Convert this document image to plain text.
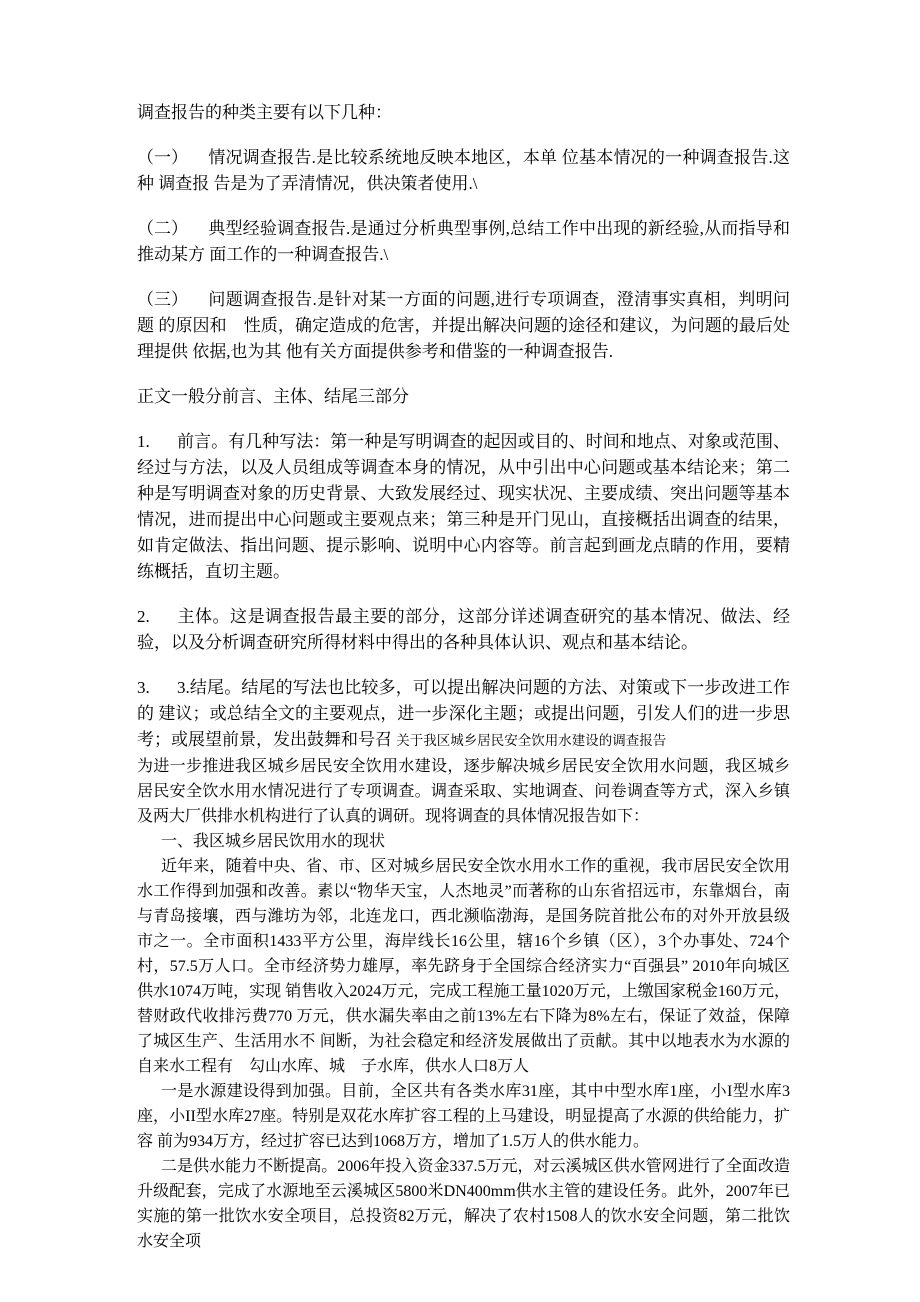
调查报告的种类主要有以下几种：

（一） 情况调查报告.是比较系统地反映本地区，本单 位基本情况的一种调查报告.这种 调查报 告是为了弄清情况，供决策者使用.\

（二） 典型经验调查报告.是通过分析典型事例,总结工作中出现的新经验,从而指导和 推动某方 面工作的一种调查报告.\

（三） 问题调查报告.是针对某一方面的问题,进行专项调查，澄清事实真相，判明问题 的原因和　性质，确定造成的危害，并提出解决问题的途径和建议，为问题的最后处理提供 依据,也为其 他有关方面提供参考和借鉴的一种调查报告.

正文一般分前言、主体、结尾三部分

1. 前言。有几种写法：第一种是写明调查的起因或目的、时间和地点、对象或范围、经过与方法，以及人员组成等调查本身的情况，从中引出中心问题或基本结论来；第二种是写明调查对象的历史背景、大致发展经过、现实状况、主要成绩、突出问题等基本情况，进而提出中心问题或主要观点来；第三种是开门见山，直接概括出调查的结果，如肯定做法、指出问题、提示影响、说明中心内容等。前言起到画龙点睛的作用，要精练概括，直切主题。

2. 主体。这是调查报告最主要的部分，这部分详述调查研究的基本情况、做法、经验，以及分析调查研究所得材料中得出的各种具体认识、观点和基本结论。

3. 3.结尾。结尾的写法也比较多，可以提出解决问题的方法、对策或下一步改进工作的 建议；或总结全文的主要观点，进一步深化主题；或提出问题，引发人们的进一步思考；或展望前景，发出鼓舞和号召 关于我区城乡居民安全饮用水建设的调查报告

为进一步推进我区城乡居民安全饮用水建设，逐步解决城乡居民安全饮用水问题，我区城乡居民安全饮水用水情况进行了专项调查。调查采取、实地调查、问卷调查等方式，深入乡镇及两大厂供排水机构进行了认真的调研。现将调查的具体情况报告如下：

一、我区城乡居民饮用水的现状

近年来，随着中央、省、市、区对城乡居民安全饮水用水工作的重视，我市居民安全饮用水工作得到加强和改善。素以“物华天宝，人杰地灵”而著称的山东省招远市，东靠烟台，南与青岛接壤，西与潍坊为邻，北连龙口，西北濒临渤海，是国务院首批公布的对外开放县级市之一。全市面积1433平方公里，海岸线长16公里，辖16个乡镇（区），3个办事处、724个村，57.5万人口。全市经济势力雄厚，率先跻身于全国综合经济实力“百强县” 2010年向城区供水1074万吨，实现 销售收入2024万元，完成工程施工量1020万元，上缴国家税金160万元，替财政代收排污费770 万元，供水漏失率由之前13%左右下降为8%左右，保证了效益，保障了城区生产、生活用水不 间断，为社会稳定和经济发展做出了贡献。其中以地表水为水源的自来水工程有　勾山水库、城　子水库，供水人口8万人

一是水源建设得到加强。目前，全区共有各类水库31座，其中中型水库1座，小I型水库3 座，小II型水库27座。特别是双花水库扩容工程的上马建设，明显提高了水源的供给能力，扩容 前为934万方，经过扩容已达到1068万方，增加了1.5万人的供水能力。

二是供水能力不断提高。2006年投入资金337.5万元，对云溪城区供水管网进行了全面改造升级配套，完成了水源地至云溪城区5800米DN400mm供水主管的建设任务。此外，2007年已实施的第一批饮水安全项目，总投资82万元，解决了农村1508人的饮水安全问题，第二批饮水安全项
